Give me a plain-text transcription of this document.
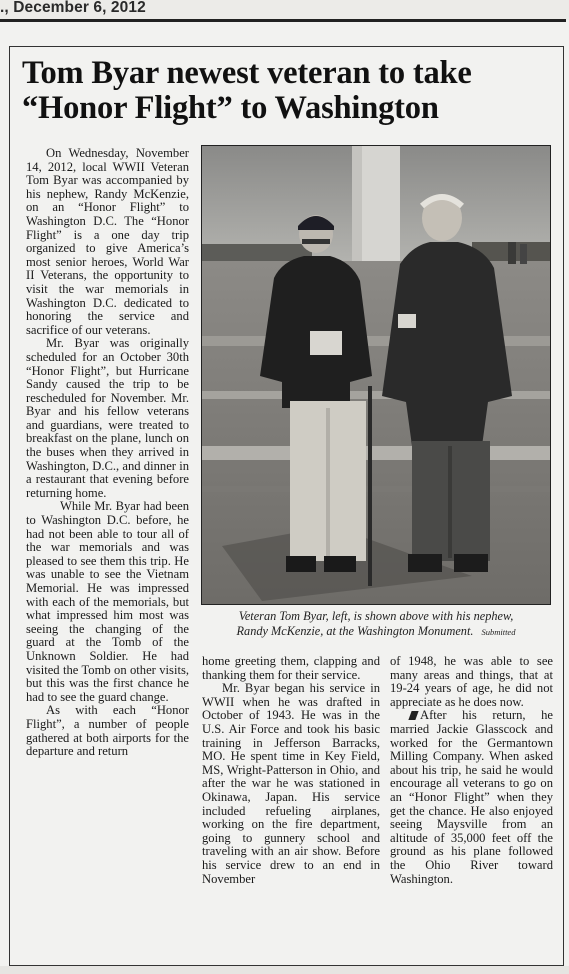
., December 6, 2012
Tom Byar newest veteran to take
“Honor Flight” to Washington

On Wednesday, November 14, 2012, local WWII Veteran Tom Byar was accompanied by his nephew, Randy McKenzie, on an “Honor Flight” to Washington D.C. The “Honor Flight” is a one day trip organized to give America’s most senior heroes, World War II Veterans, the opportunity to visit the war memorials in Washington D.C. dedicated to honoring the service and sacrifice of our veterans.

Mr. Byar was originally scheduled for an October 30th “Honor Flight”, but Hurricane Sandy caused the trip to be rescheduled for November. Mr. Byar and his fellow veterans and guardians, were treated to breakfast on the plane, lunch on the buses when they arrived in Washington, D.C., and dinner in a restaurant that evening before returning home.

While Mr. Byar had been to Washington D.C. before, he had not been able to tour all of the war memorials and was pleased to see them this trip. He was unable to see the Vietnam Memorial. He was impressed with each of the memorials, but what impressed him most was seeing the changing of the guard at the Tomb of the Unknown Soldier. He had visited the Tomb on other visits, but this was the first chance he had to see the guard change.

As with each “Honor Flight”, a number of people gathered at both airports for the departure and return

Veteran Tom Byar, left, is shown above with his nephew,
Randy McKenzie, at the Washington Monument. Submitted

home greeting them, clapping and thanking them for their service.

Mr. Byar began his service in WWII when he was drafted in October of 1943. He was in the U.S. Air Force and took his basic training in Jefferson Barracks, MO. He spent time in Key Field, MS, Wright-Patterson in Ohio, and after the war he was stationed in Okinawa, Japan. His service included refueling airplanes, working on the fire department, going to gunnery school and traveling with an air show. Before his service drew to an end in November

of 1948, he was able to see many areas and things, that at 19-24 years of age, he did not appreciate as he does now.

After his return, he married Jackie Glasscock and worked for the Germantown Milling Company. When asked about his trip, he said he would encourage all veterans to go on an “Honor Flight” when they get the chance. He also enjoyed seeing Maysville from an altitude of 35,000 feet off the ground as his plane followed the Ohio River toward Washington.
